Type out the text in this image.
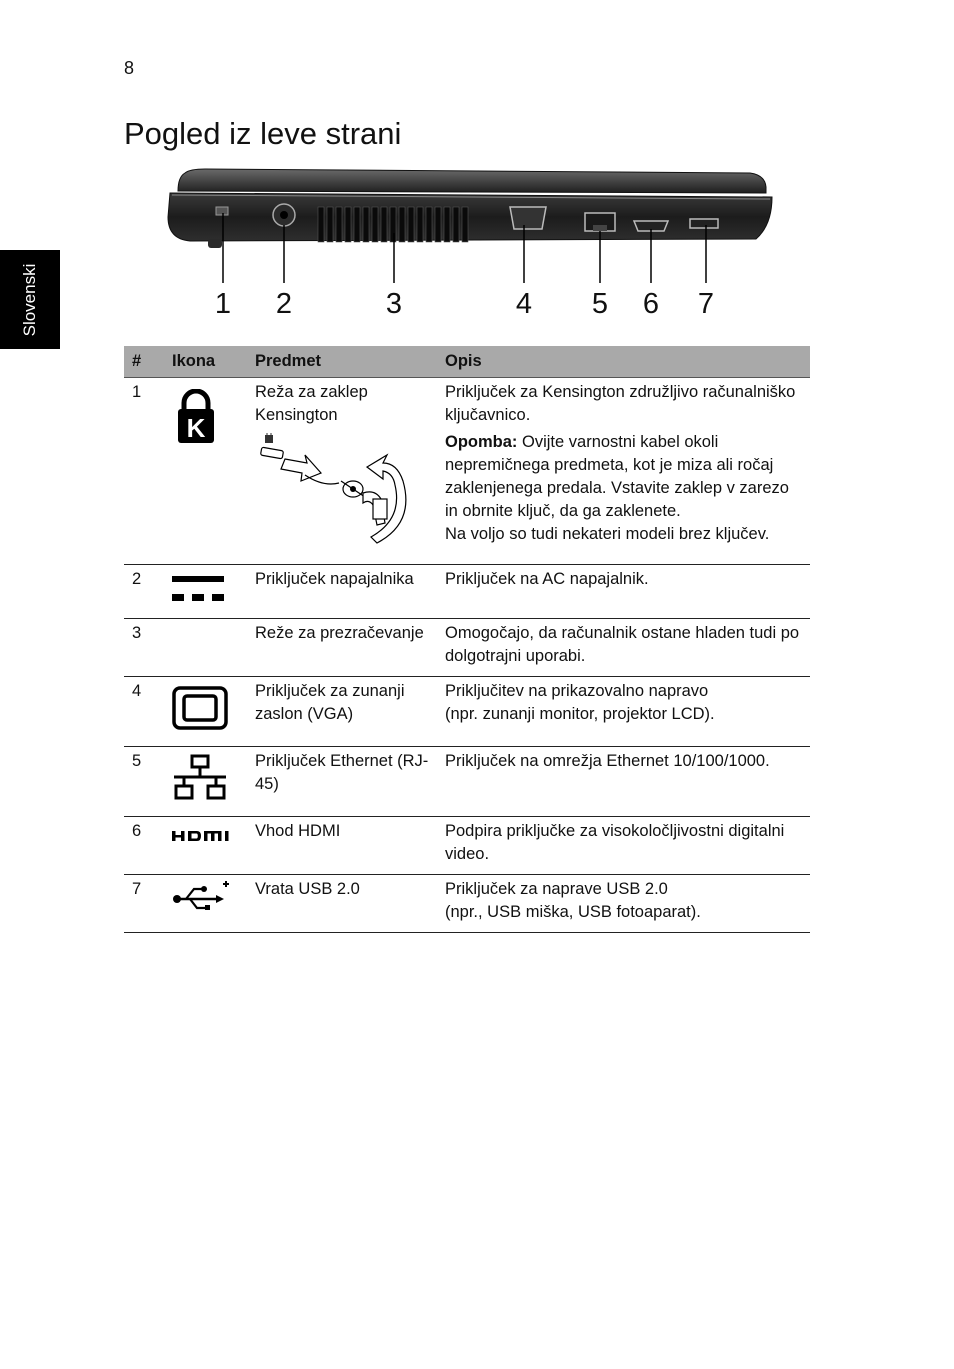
8
Slovenski
Pogled iz leve strani
1 2	3	4 5 6 7
#	Ikona	Predmet	Opis
1	K	Reža za zaklep Kensington	Priključek za Kensington združljivo računalniško ključavnico.

Opomba: Ovijte varnostni kabel okoli nepremičnega predmeta, kot je miza ali ročaj zaklenjenega predala. Vstavite zaklep v zarezo in obrnite ključ, da ga zaklenete.
Na voljo so tudi nekateri modeli brez ključev.

2		Priključek napajalnika	Priključek na AC napajalnik.
3		Reže za prezračevanje	Omogočajo, da računalnik ostane hladen tudi po dolgotrajni uporabi.
4		Priključek za zunanji zaslon (VGA)	Priključitev na prikazovalno napravo

(npr. zunanji monitor, projektor LCD).

5		Priključek Ethernet (RJ-45)	Priključek na omrežja Ethernet 10/100/1000.
6		Vhod HDMI	Podpira priključke za visokoločljivostni digitalni video.
7		Vrata USB 2.0	Priključek za naprave USB 2.0

(npr., USB miška, USB fotoaparat).
